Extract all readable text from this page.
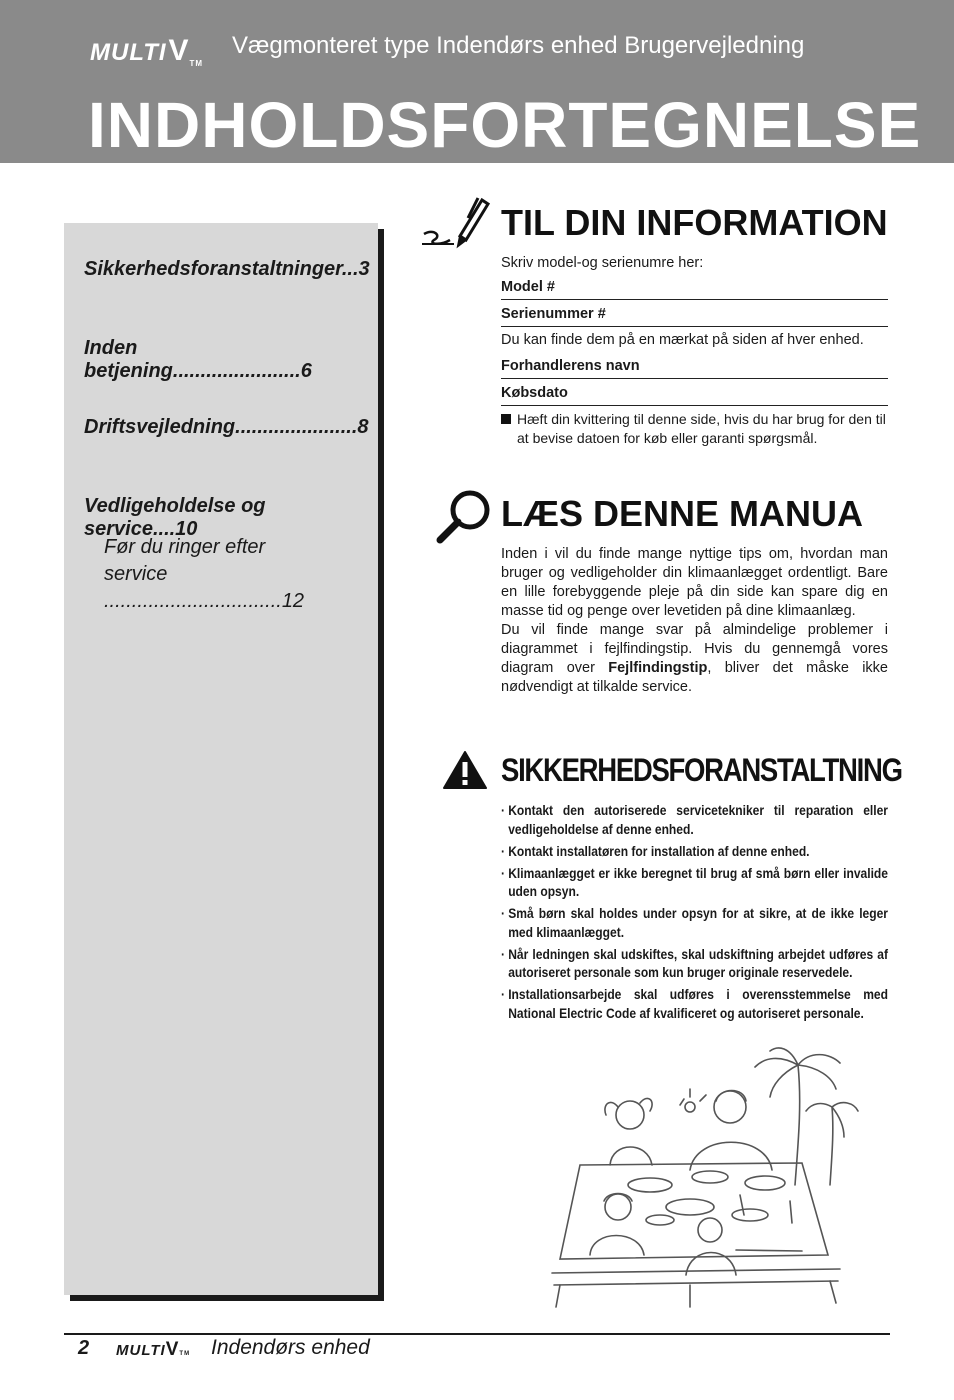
MULTIVTM
Vægmonteret type Indendørs enhed Brugervejledning
INDHOLDSFORTEGNELSE
Sikkerhedsforanstaltninger...3
Inden betjening.......................6
Driftsvejledning......................8
Vedligeholdelse og service....10
Før du ringer efter
service ................................12
TIL DIN INFORMATION
Skriv model-og serienumre her:
Model #
Serienummer #
Du kan finde dem på en mærkat på siden af hver enhed.
Forhandlerens navn
Købsdato
Hæft din kvittering til denne side, hvis du har brug for den til at bevise datoen for køb eller garanti spørgsmål.
LÆS DENNE MANUA

Inden i vil du finde mange nyttige tips om, hvordan man bruger og vedligeholder din klimaanlægget ordentligt. Bare en lille forebyggende pleje på din side kan spare dig en masse tid og penge over levetiden på dine klimaanlæg.

Du vil finde mange svar på almindelige problemer i diagrammet i fejlfindingstip. Hvis du gennemgå vores diagram over Fejlfindingstip, bliver det måske ikke nødvendigt at tilkalde service.

SIKKERHEDSFORANSTALTNING
· Kontakt den autoriserede servicetekniker til reparation eller vedligeholdelse af denne enhed.
· Kontakt installatøren for installation af denne enhed.
· Klimaanlægget er ikke beregnet til brug af små børn eller invalide uden opsyn.
· Små børn skal holdes under opsyn for at sikre, at de ikke leger med klimaanlægget.
· Når ledningen skal udskiftes, skal udskiftning arbejdet udføres af autoriseret personale som kun bruger originale reservedele.
· Installationsarbejde skal udføres i overensstemmelse med National Electric Code af kvalificeret og autoriseret personale.
2 MULTIVTM Indendørs enhed
